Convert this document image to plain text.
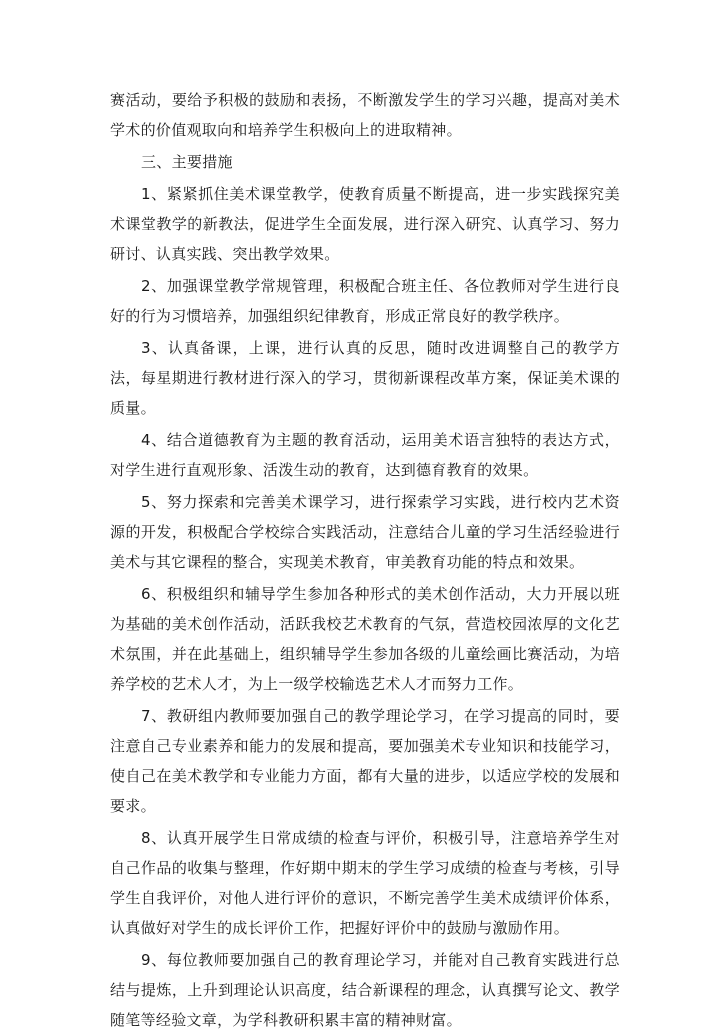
赛活动，要给予积极的鼓励和表扬，不断激发学生的学习兴趣，提高对美术学术的价值观取向和培养学生积极向上的进取精神。

三、主要措施

1、紧紧抓住美术课堂教学，使教育质量不断提高，进一步实践探究美术课堂教学的新教法，促进学生全面发展，进行深入研究、认真学习、努力研讨、认真实践、突出教学效果。

2、加强课堂教学常规管理，积极配合班主任、各位教师对学生进行良好的行为习惯培养，加强组织纪律教育，形成正常良好的教学秩序。

3、认真备课，上课，进行认真的反思，随时改进调整自己的教学方法，每星期进行教材进行深入的学习，贯彻新课程改革方案，保证美术课的质量。

4、结合道德教育为主题的教育活动，运用美术语言独特的表达方式，对学生进行直观形象、活泼生动的教育，达到德育教育的效果。

5、努力探索和完善美术课学习，进行探索学习实践，进行校内艺术资源的开发，积极配合学校综合实践活动，注意结合儿童的学习生活经验进行美术与其它课程的整合，实现美术教育，审美教育功能的特点和效果。

6、积极组织和辅导学生参加各种形式的美术创作活动，大力开展以班为基础的美术创作活动，活跃我校艺术教育的气氛，营造校园浓厚的文化艺术氛围，并在此基础上，组织辅导学生参加各级的儿童绘画比赛活动，为培养学校的艺术人才，为上一级学校输选艺术人才而努力工作。

7、教研组内教师要加强自己的教学理论学习，在学习提高的同时，要注意自己专业素养和能力的发展和提高，要加强美术专业知识和技能学习，使自己在美术教学和专业能力方面，都有大量的进步，以适应学校的发展和要求。

8、认真开展学生日常成绩的检查与评价，积极引导，注意培养学生对自己作品的收集与整理，作好期中期末的学生学习成绩的检查与考核，引导学生自我评价，对他人进行评价的意识，不断完善学生美术成绩评价体系，认真做好对学生的成长评价工作，把握好评价中的鼓励与激励作用。

9、每位教师要加强自己的教育理论学习，并能对自己教育实践进行总结与提炼，上升到理论认识高度，结合新课程的理念，认真撰写论文、教学随笔等经验文章，为学科教研积累丰富的精神财富。
